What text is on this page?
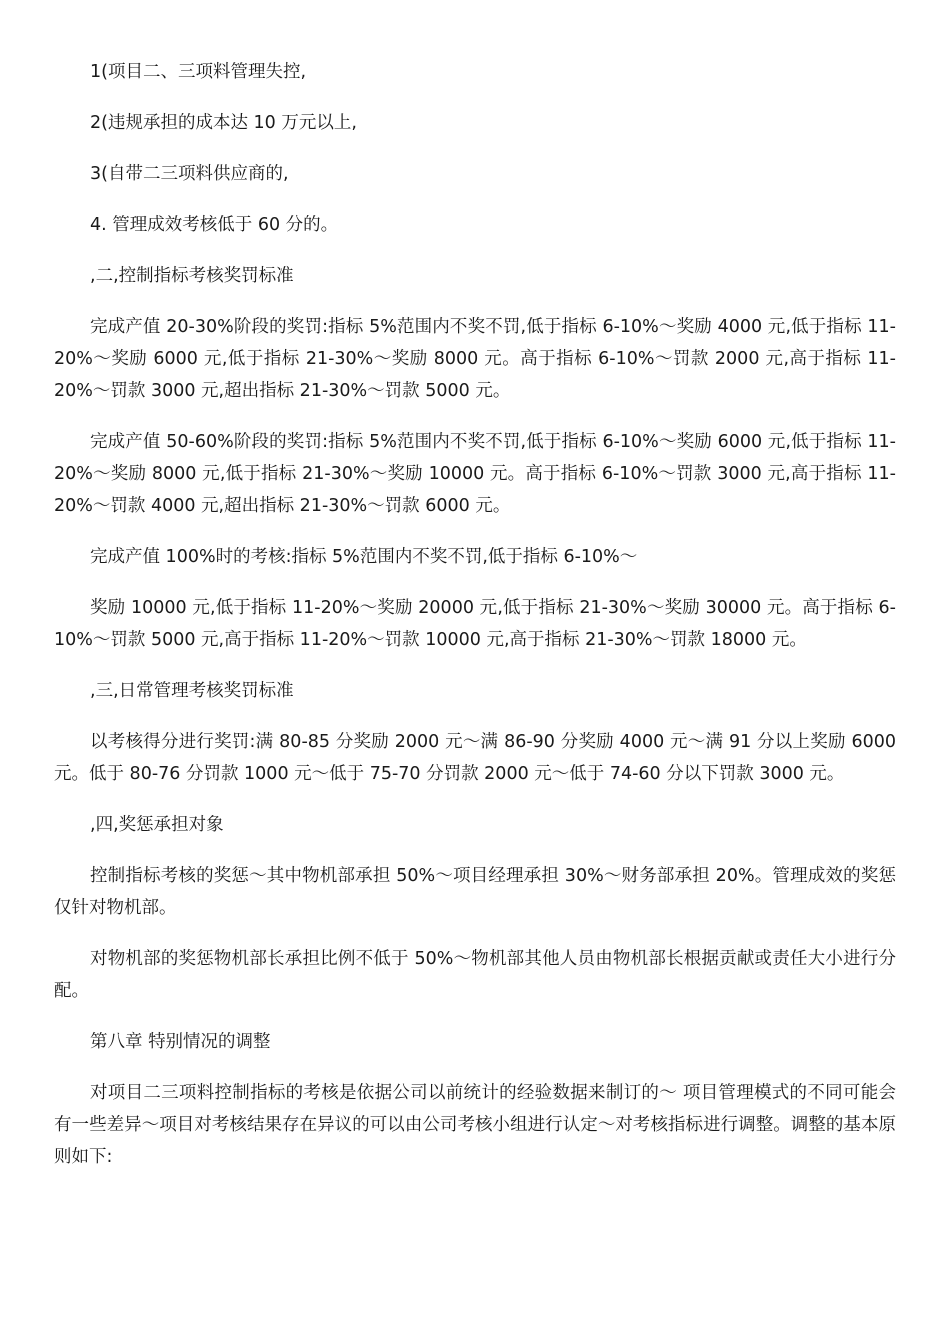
1(项目二、三项料管理失控,

2(违规承担的成本达 10 万元以上,

3(自带二三项料供应商的,

4. 管理成效考核低于 60 分的。

,二,控制指标考核奖罚标准

完成产值 20-30%阶段的奖罚:指标 5%范围内不奖不罚,低于指标 6-10%～奖励 4000 元,低于指标 11-20%～奖励 6000 元,低于指标 21-30%～奖励 8000 元。高于指标 6-10%～罚款 2000 元,高于指标 11-20%～罚款 3000 元,超出指标 21-30%～罚款 5000 元。

完成产值 50-60%阶段的奖罚:指标 5%范围内不奖不罚,低于指标 6-10%～奖励 6000 元,低于指标 11-20%～奖励 8000 元,低于指标 21-30%～奖励 10000 元。高于指标 6-10%～罚款 3000 元,高于指标 11-20%～罚款 4000 元,超出指标 21-30%～罚款 6000 元。

完成产值 100%时的考核:指标 5%范围内不奖不罚,低于指标 6-10%～

奖励 10000 元,低于指标 11-20%～奖励 20000 元,低于指标 21-30%～奖励 30000 元。高于指标 6-10%～罚款 5000 元,高于指标 11-20%～罚款 10000 元,高于指标 21-30%～罚款 18000 元。

,三,日常管理考核奖罚标准

以考核得分进行奖罚:满 80-85 分奖励 2000 元～满 86-90 分奖励 4000 元～满 91 分以上奖励 6000 元。低于 80-76 分罚款 1000 元～低于 75-70 分罚款 2000 元～低于 74-60 分以下罚款 3000 元。

,四,奖惩承担对象

控制指标考核的奖惩～其中物机部承担 50%～项目经理承担 30%～财务部承担 20%。管理成效的奖惩仅针对物机部。

对物机部的奖惩物机部长承担比例不低于 50%～物机部其他人员由物机部长根据贡献或责任大小进行分配。

第八章 特别情况的调整

对项目二三项料控制指标的考核是依据公司以前统计的经验数据来制订的～ 项目管理模式的不同可能会有一些差异～项目对考核结果存在异议的可以由公司考核小组进行认定～对考核指标进行调整。调整的基本原则如下:
